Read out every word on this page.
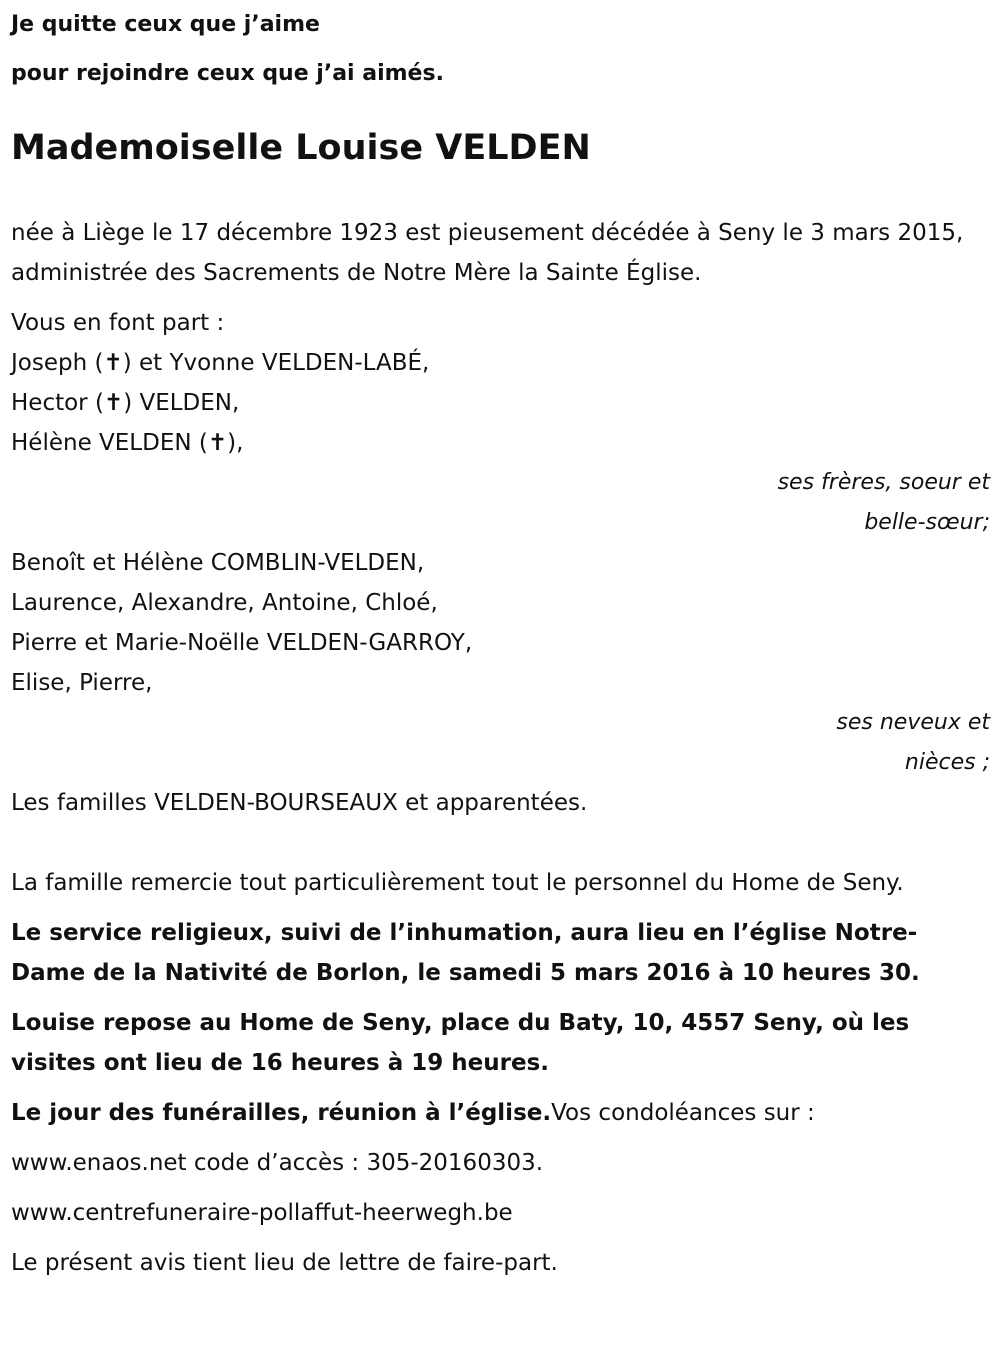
Je quitte ceux que j’aime

pour rejoindre ceux que j’ai aimés.

Mademoiselle Louise VELDEN

née à Liège le 17 décembre 1923 est pieusement décédée à Seny le 3 mars 2015, administrée des Sacrements de Notre Mère la Sainte Église.

Vous en font part :

Joseph (✝) et Yvonne VELDEN-LABÉ,

Hector (✝) VELDEN,

Hélène VELDEN (✝),

ses frères, soeur et

belle-sœur;

Benoît et Hélène COMBLIN-VELDEN,

Laurence, Alexandre, Antoine, Chloé,

Pierre et Marie-Noëlle VELDEN-GARROY,

Elise, Pierre,

ses neveux et

nièces ;

Les familles VELDEN-BOURSEAUX et apparentées.

La famille remercie tout particulièrement tout le personnel du Home de Seny.

Le service religieux, suivi de l’inhumation, aura lieu en l’église Notre-Dame de la Nativité de Borlon, le samedi 5 mars 2016 à 10 heures 30.

Louise repose au Home de Seny, place du Baty, 10, 4557 Seny, où les visites ont lieu de 16 heures à 19 heures.

Le jour des funérailles, réunion à l’église.Vos condoléances sur :

www.enaos.net code d’accès : 305-20160303.

www.centrefuneraire-pollaffut-heerwegh.be

Le présent avis tient lieu de lettre de faire-part.
